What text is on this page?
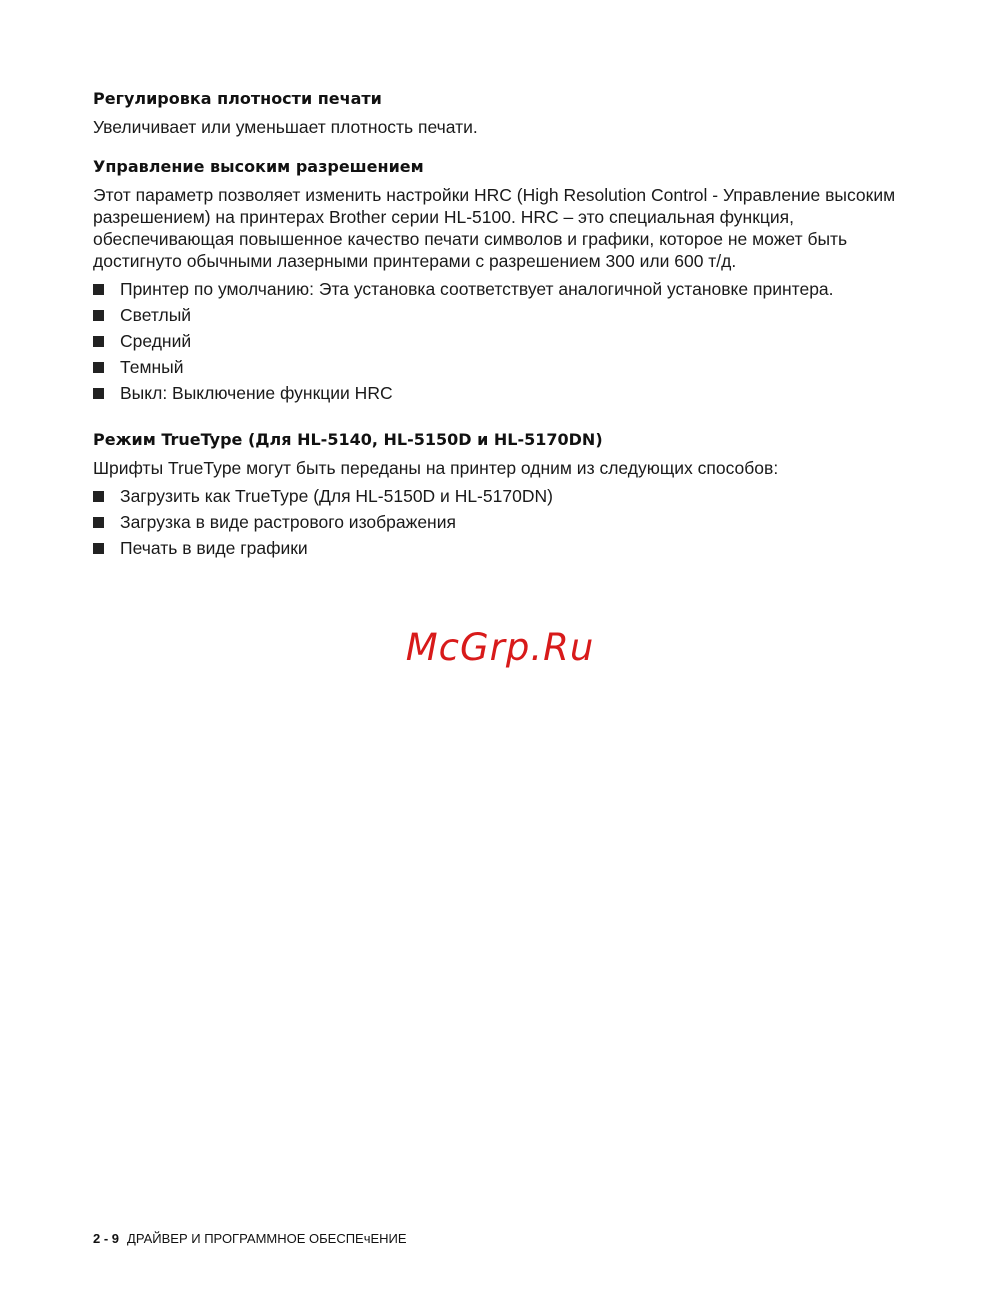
Регулировка плотности печати

Увеличивает или уменьшает плотность печати.

Управление высоким разрешением

Этот параметр позволяет изменить настройки HRC (High Resolution Control - Управление высоким разрешением) на принтерах Brother серии HL-5100. HRC – это специальная функция, обеспечивающая повышенное качество печати символов и графики, которое не может быть достигнуто обычными лазерными принтерами с разрешением 300 или 600 т/д.

Принтер по умолчанию: Эта установка соответствует аналогичной установке принтера.
Светлый
Средний
Темный
Выкл: Выключение функции HRC
Режим TrueType (Для HL-5140, HL-5150D и HL-5170DN)

Шрифты TrueType могут быть переданы на принтер одним из следующих способов:

Загрузить как TrueType (Для HL-5150D и HL-5170DN)
Загрузка в виде растрового изображения
Печать в виде графики
McGrp.Ru
2 - 9 ДРАЙВЕР И ПРОГРАММНОЕ ОБЕСПЕчЕНИЕ
